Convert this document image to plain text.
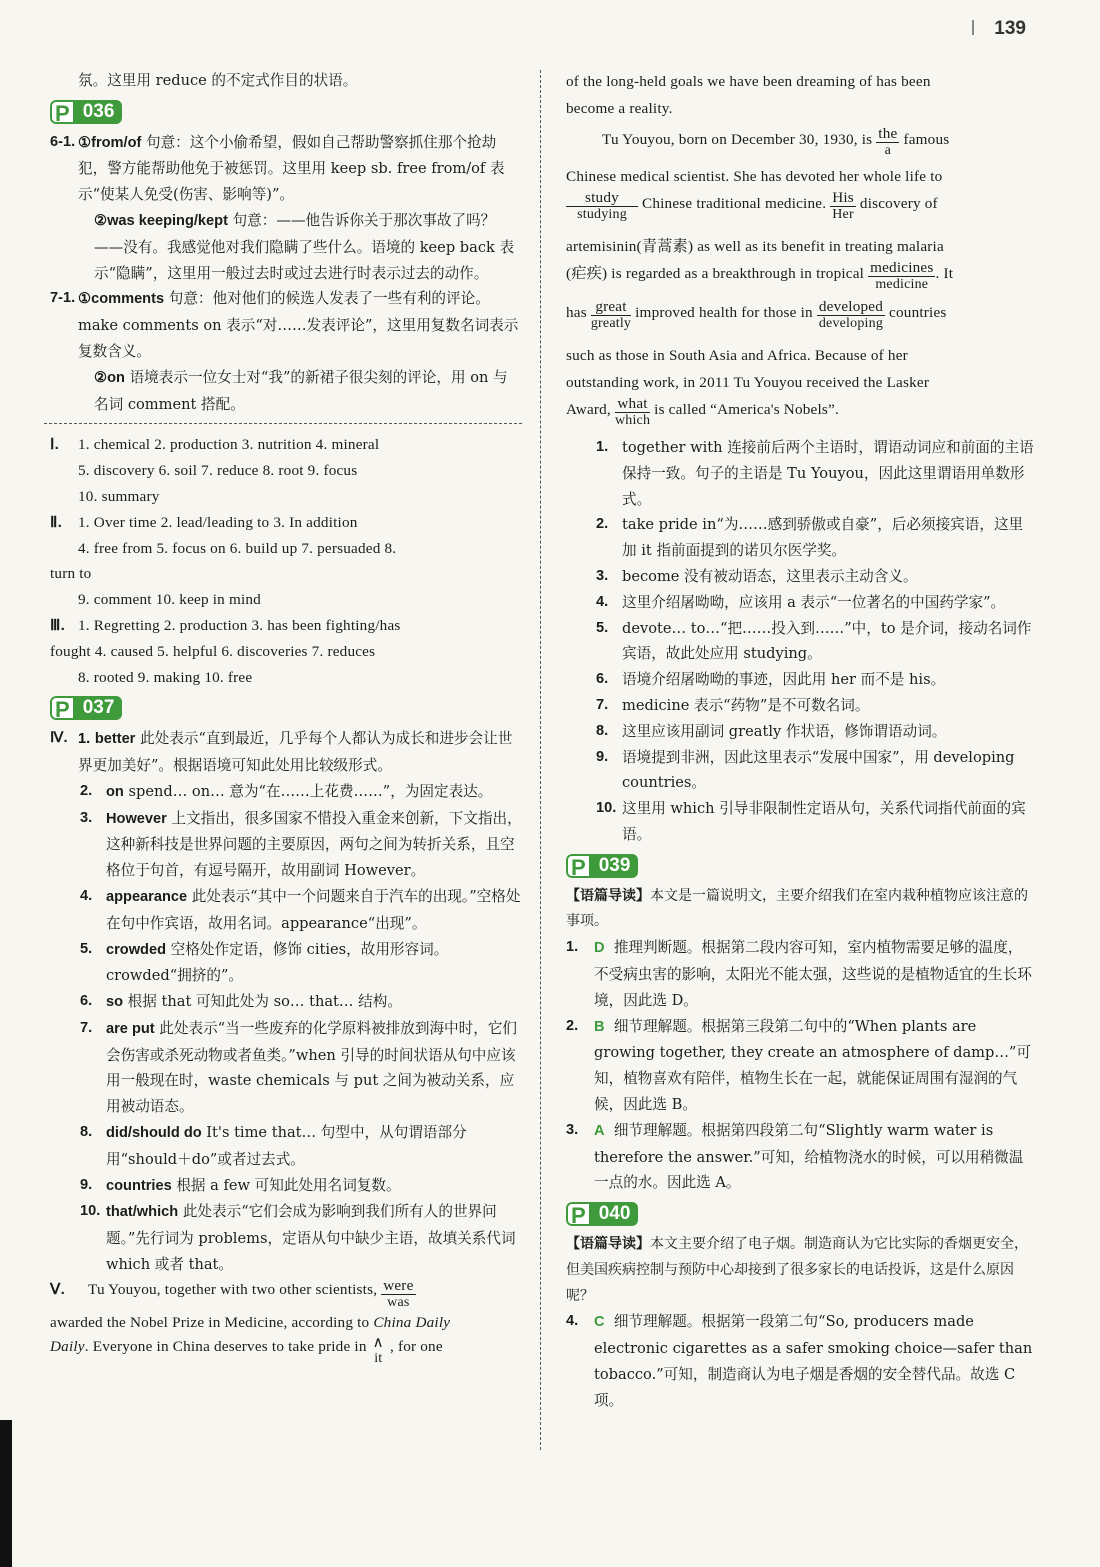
139

氛。这里用 reduce 的不定式作目的状语。

P 036
6-1. ①from/of 句意：这个小偷希望，假如自己帮助警察抓住那个抢劫犯，警方能帮助他免于被惩罚。这里用 keep sb. free from/of 表示“使某人免受(伤害、影响等)”。
②was keeping/kept 句意：——他告诉你关于那次事故了吗？——没有。我感觉他对我们隐瞒了些什么。语境的 keep back 表示“隐瞒”，这里用一般过去时或过去进行时表示过去的动作。
7-1. ①comments 句意：他对他们的候选人发表了一些有利的评论。make comments on 表示“对……发表评论”，这里用复数名词表示复数含义。
②on 语境表示一位女士对“我”的新裙子很尖刻的评论，用 on 与名词 comment 搭配。
Ⅰ.	1. chemical 2. production 3. nutrition 4. mineral
5. discovery 6. soil 7. reduce 8. root 9. focus
10. summary
Ⅱ.	1. Over time 2. lead/leading to 3. In addition
4. free from 5. focus on 6. build up 7. persuaded 8.
turn to
9. comment 10. keep in mind
Ⅲ. 1. Regretting 2. production 3. has been fighting/has
fought 4. caused 5. helpful 6. discoveries 7. reduces
8. rooted 9. making 10. free
P 037
Ⅳ. 1. better 此处表示“直到最近，几乎每个人都认为成长和进步会让世界更加美好”。根据语境可知此处用比较级形式。
2. on spend… on… 意为“在……上花费……”，为固定表达。
3. However 上文指出，很多国家不惜投入重金来创新，下文指出，这种新科技是世界问题的主要原因，两句之间为转折关系，且空格位于句首，有逗号隔开，故用副词 However。
4. appearance 此处表示“其中一个问题来自于汽车的出现。”空格处在句中作宾语，故用名词。appearance“出现”。
5. crowded 空格处作定语，修饰 cities，故用形容词。crowded“拥挤的”。
6. so 根据 that 可知此处为 so… that… 结构。
7. are put 此处表示“当一些废弃的化学原料被排放到海中时，它们会伤害或杀死动物或者鱼类。”when 引导的时间状语从句中应该用一般现在时，waste chemicals 与 put 之间为被动关系，应用被动语态。
8. did/should do It's time that… 句型中，从句谓语部分用“should＋do”或者过去式。
9. countries 根据 a few 可知此处用名词复数。
10. that/which 此处表示“它们会成为影响到我们所有人的世界问题。”先行词为 problems，定语从句中缺少主语，故填关系代词 which 或者 that。
Ⅴ.	Tu Youyou, together with two other scientists, were
was
awarded the Nobel Prize in Medicine, according to China Daily
Daily. Everyone in China deserves to take pride in ∧
it
, for one
of the long-held goals we have been dreaming of has been
become a reality.
Tu Youyou, born on December 30, 1930, is the
a
famous
Chinese medical scientist. She has devoted her whole life to
study
studying
Chinese traditional medicine. His
Her
discovery of
artemisinin(青蒿素) as well as its benefit in treating malaria
(疟疾) is regarded as a breakthrough in tropical medicines
medicine
. It
has great
greatly
improved health for those in developed
developing
countries
such as those in South Asia and Africa. Because of her
outstanding work, in 2011 Tu Youyou received the Lasker
Award, what
which
is called “America's Nobels”.
1. together with 连接前后两个主语时，谓语动词应和前面的主语保持一致。句子的主语是 Tu Youyou，因此这里谓语用单数形式。
2. take pride in“为……感到骄傲或自豪”，后必须接宾语，这里加 it 指前面提到的诺贝尔医学奖。
3. become 没有被动语态，这里表示主动含义。
4. 这里介绍屠呦呦，应该用 a 表示“一位著名的中国药学家”。
5. devote… to…“把……投入到……”中，to 是介词，接动名词作宾语，故此处应用 studying。
6. 语境介绍屠呦呦的事迹，因此用 her 而不是 his。
7. medicine 表示“药物”是不可数名词。
8. 这里应该用副词 greatly 作状语，修饰谓语动词。
9. 语境提到非洲，因此这里表示“发展中国家”，用 developing countries。
10. 这里用 which 引导非限制性定语从句，关系代词指代前面的宾语。
P 039
【语篇导读】本文是一篇说明文，主要介绍我们在室内栽种植物应该注意的事项。
1.	D 推理判断题。根据第二段内容可知，室内植物需要足够的温度，不受病虫害的影响，太阳光不能太强，这些说的是植物适宜的生长环境，因此选 D。
2.	B 细节理解题。根据第三段第二句中的“When plants are growing together, they create an atmosphere of damp…”可知，植物喜欢有陪伴，植物生长在一起，就能保证周围有湿润的气候，因此选 B。
3.	A 细节理解题。根据第四段第二句“Slightly warm water is therefore the answer.”可知，给植物浇水的时候，可以用稍微温一点的水。因此选 A。
P 040
【语篇导读】本文主要介绍了电子烟。制造商认为它比实际的香烟更安全，但美国疾病控制与预防中心却接到了很多家长的电话投诉，这是什么原因呢？
4.	C 细节理解题。根据第一段第二句“So, producers made electronic cigarettes as a safer smoking choice—safer than tobacco.”可知，制造商认为电子烟是香烟的安全替代品。故选 C 项。
